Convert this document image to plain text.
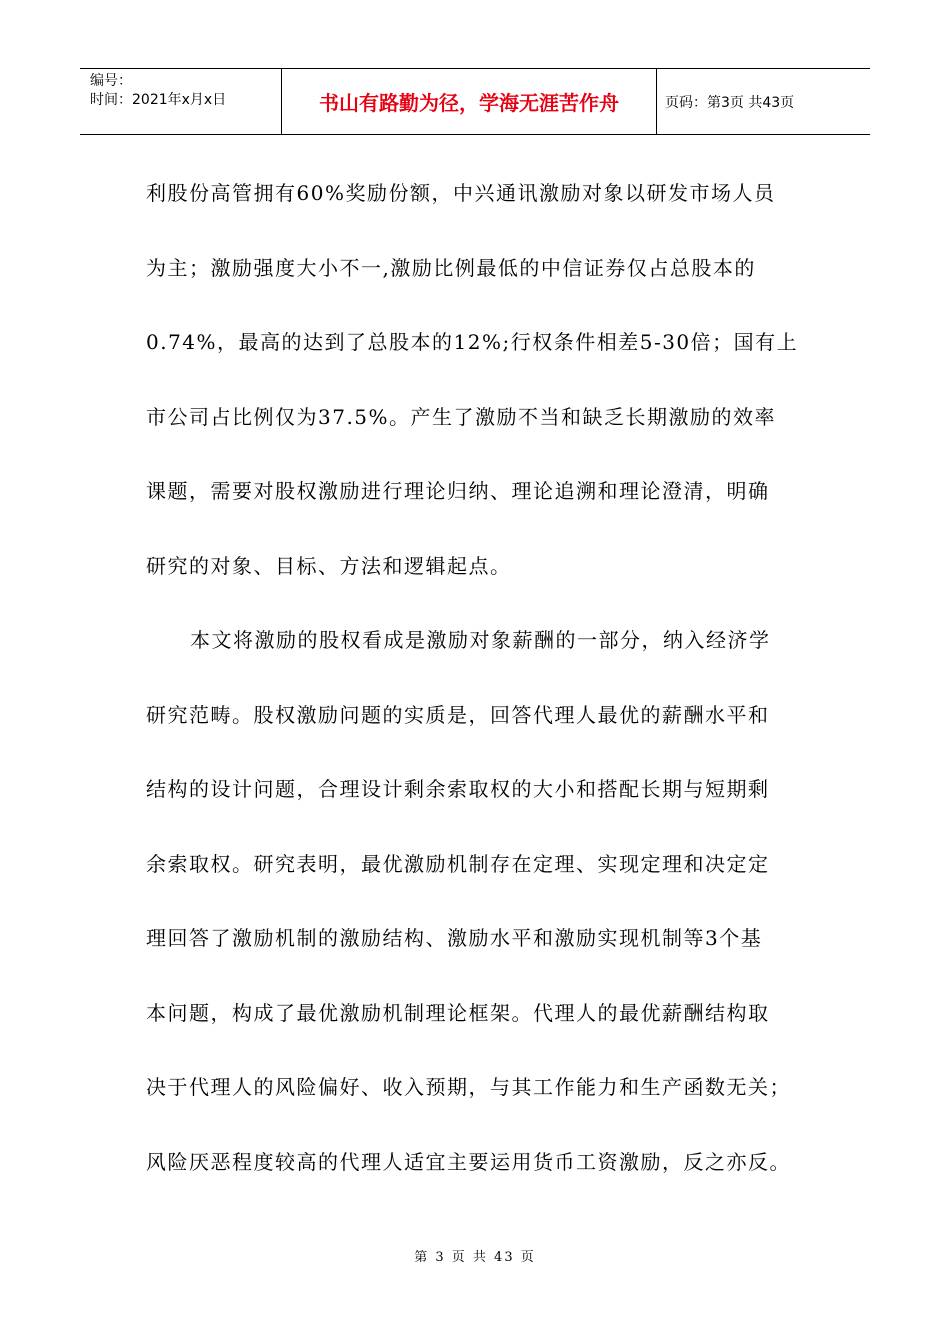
编号：
时间：2021年x月x日	书山有路勤为径，学海无涯苦作舟	页码：第3页 共43页
利股份高管拥有60%奖励份额，中兴通讯激励对象以研发市场人员
为主；激励强度大小不一,激励比例最低的中信证券仅占总股本的
0.74%，最高的达到了总股本的12%;行权条件相差5-30倍；国有上
市公司占比例仅为37.5%。产生了激励不当和缺乏长期激励的效率
课题，需要对股权激励进行理论归纳、理论追溯和理论澄清，明确
研究的对象、目标、方法和逻辑起点。
本文将激励的股权看成是激励对象薪酬的一部分，纳入经济学
研究范畴。股权激励问题的实质是，回答代理人最优的薪酬水平和
结构的设计问题，合理设计剩余索取权的大小和搭配长期与短期剩
余索取权。研究表明，最优激励机制存在定理、实现定理和决定定
理回答了激励机制的激励结构、激励水平和激励实现机制等3个基
本问题，构成了最优激励机制理论框架。代理人的最优薪酬结构取
决于代理人的风险偏好、收入预期，与其工作能力和生产函数无关；
风险厌恶程度较高的代理人适宜主要运用货币工资激励，反之亦反。
第 3 页 共 43 页
